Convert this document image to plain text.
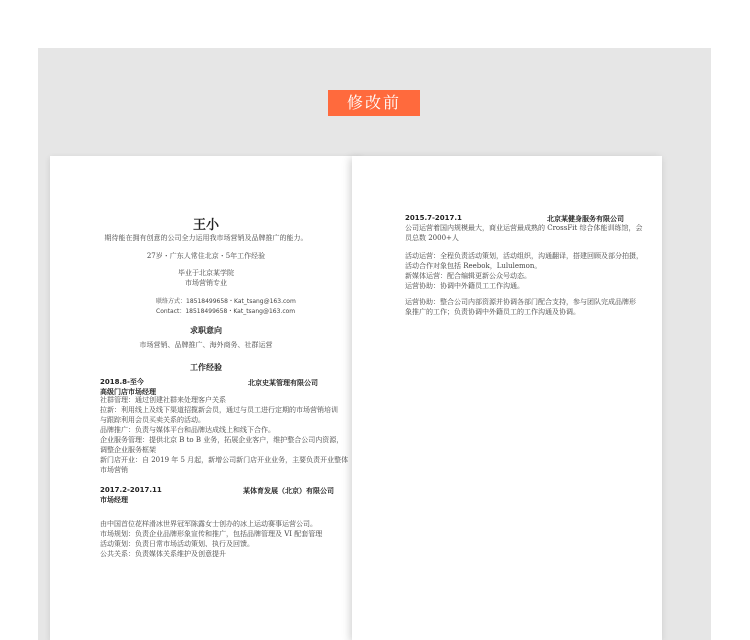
修改前
王小
期待能在拥有创意的公司全力运用我市场营销及品牌推广的能力。
27岁・广东人常住北京・5年工作经验
毕业于北京某学院
市场营销专业
联络方式：18518499658・Kat_tsang@163.com
Contact：18518499658・Kat_tsang@163.com
求职意向
市场营销、品牌推广、海外商务、社群运营
工作经验
2018.8-至今	北京史某管理有限公司
高级门店市场经理
社群管理：通过创建社群来处理客户关系
拉新：利用线上及线下渠道招揽新会员，通过与员工进行定期的市场营销培训
与跟踪利用会员买卖关系的活动。
品牌推广：负责与媒体平台和品牌达成线上和线下合作。
企业服务管理：提供北京 B to B 业务，拓展企业客户，维护整合公司内资源，
调整企业服务框架
新门店开业：自 2019 年 5 月起，新增公司新门店开业业务，主要负责开业整体
市场营销
2017.2-2017.11	某体育发展（北京）有限公司
市场经理
由中国首位花样滑冰世界冠军陈露女士创办的冰上运动赛事运营公司。
市场规划：负责企业品牌形象宣传和推广，包括品牌管理及 VI 配套管理
活动策划：负责日常市场活动策划、执行及回馈。
公共关系：负责媒体关系维护及创意提升
2015.7-2017.1	北京某健身服务有限公司
公司运营着国内规模最大，商业运营最成熟的 CrossFit 综合体能训练馆，会
员总数 2000+人
活动运营：全程负责活动策划，活动组织，沟通翻译，搭建回顾及部分拍摄，
活动合作对象包括 Reebok，Lululemon。
新媒体运营：配合编辑更新公众号动态。
运营协助：协调中外籍员工工作沟通。
运营协助：整合公司内部资源并协调各部门配合支持，参与团队完成品牌形
象推广的工作；负责协调中外籍员工的工作沟通及协调。
